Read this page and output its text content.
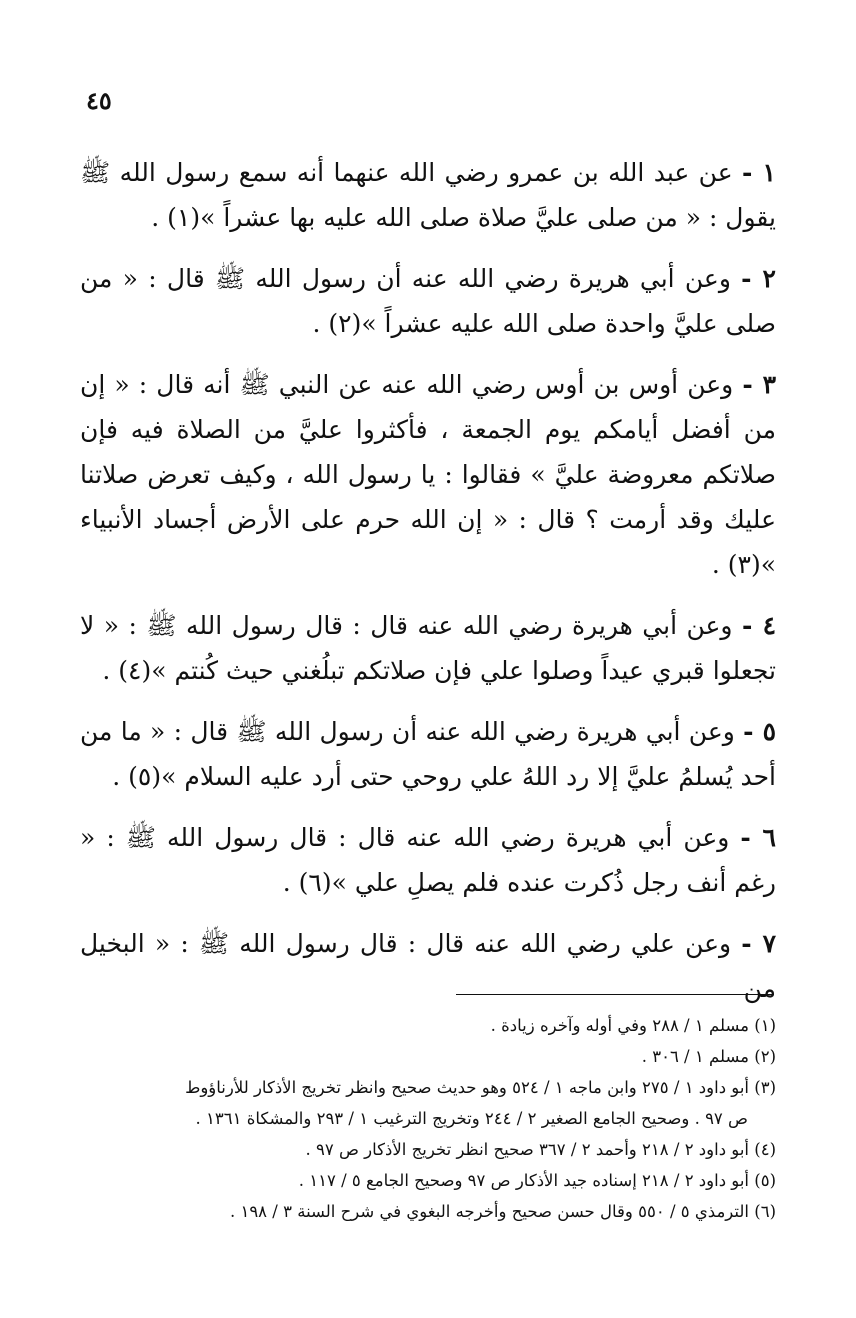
٤٥

١ - عن عبد الله بن عمرو رضي الله عنهما أنه سمع رسول الله ﷺ يقول : « من صلى عليَّ صلاة صلى الله عليه بها عشراً »(١) .

٢ - وعن أبي هريرة رضي الله عنه أن رسول الله ﷺ قال : « من صلى عليَّ واحدة صلى الله عليه عشراً »(٢) .

٣ - وعن أوس بن أوس رضي الله عنه عن النبي ﷺ أنه قال : « إن من أفضل أيامكم يوم الجمعة ، فأكثروا عليَّ من الصلاة فيه فإن صلاتكم معروضة عليَّ » فقالوا : يا رسول الله ، وكيف تعرض صلاتنا عليك وقد أرمت ؟ قال : « إن الله حرم على الأرض أجساد الأنبياء »(٣) .

٤ - وعن أبي هريرة رضي الله عنه قال : قال رسول الله ﷺ : « لا تجعلوا قبري عيداً وصلوا علي فإن صلاتكم تبلُغني حيث كُنتم »(٤) .

٥ - وعن أبي هريرة رضي الله عنه أن رسول الله ﷺ قال : « ما من أحد يُسلمُ عليَّ إلا رد اللهُ علي روحي حتى أرد عليه السلام »(٥) .

٦ - وعن أبي هريرة رضي الله عنه قال : قال رسول الله ﷺ : « رغم أنف رجل ذُكرت عنده فلم يصلِ علي »(٦) .

٧ - وعن علي رضي الله عنه قال : قال رسول الله ﷺ : « البخيل من

(١) مسلم ١ / ٢٨٨ وفي أوله وآخره زيادة .

(٢) مسلم ١ / ٣٠٦ .

(٣) أبو داود ١ / ٢٧٥ وابن ماجه ١ / ٥٢٤ وهو حديث صحيح وانظر تخريج الأذكار للأرناؤوط
ص ٩٧ . وصحيح الجامع الصغير ٢ / ٢٤٤ وتخريج الترغيب ١ / ٢٩٣ والمشكاة ١٣٦١ .

(٤) أبو داود ٢ / ٢١٨ وأحمد ٢ / ٣٦٧ صحيح انظر تخريج الأذكار ص ٩٧ .

(٥) أبو داود ٢ / ٢١٨ إسناده جيد الأذكار ص ٩٧ وصحيح الجامع ٥ / ١١٧ .

(٦) الترمذي ٥ / ٥٥٠ وقال حسن صحيح وأخرجه البغوي في شرح السنة ٣ / ١٩٨ .
